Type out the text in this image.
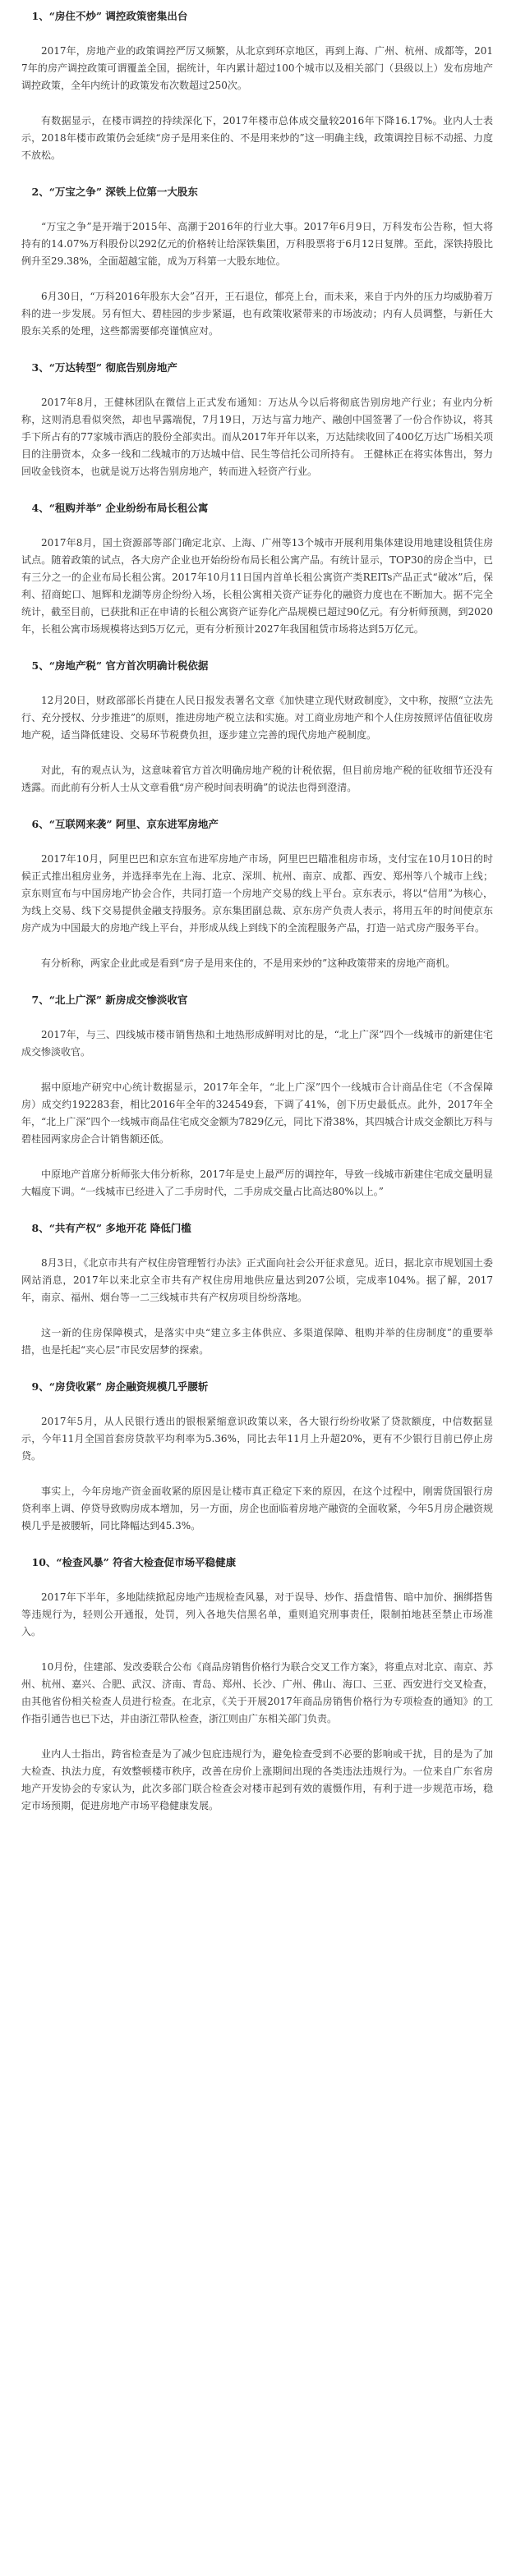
1、“房住不炒” 调控政策密集出台

2017年，房地产业的政策调控严厉又频繁，从北京到环京地区，再到上海、广州、杭州、成都等，2017年的房产调控政策可谓覆盖全国，据统计，年内累计超过100个城市以及相关部门（县级以上）发布房地产调控政策，全年内统计的政策发布次数超过250次。

有数据显示，在楼市调控的持续深化下，2017年楼市总体成交量较2016年下降16.17%。业内人士表示，2018年楼市政策仍会延续“房子是用来住的、不是用来炒的”这一明确主线，政策调控目标不动摇、力度不放松。

2、“万宝之争” 深铁上位第一大股东

“万宝之争”是开端于2015年、高潮于2016年的行业大事。2017年6月9日，万科发布公告称，恒大将持有的14.07%万科股份以292亿元的价格转让给深铁集团，万科股票将于6月12日复牌。至此，深铁持股比例升至29.38%，全面超越宝能，成为万科第一大股东地位。

6月30日，“万科2016年股东大会”召开，王石退位，郁亮上台，而未来，来自于内外的压力均威胁着万科的进一步发展。另有恒大、碧桂园的步步紧逼，也有政策收紧带来的市场波动；内有人员调整，与新任大股东关系的处理，这些都需要郁亮谨慎应对。

3、“万达转型” 彻底告别房地产

2017年8月，王健林团队在微信上正式发布通知：万达从今以后将彻底告别房地产行业；有业内分析称，这则消息看似突然，却也早露端倪，7月19日，万达与富力地产、融创中国签署了一份合作协议，将其手下所占有的77家城市酒店的股份全部卖出。而从2017年开年以来，万达陆续收回了400亿万达广场相关项目的注册资本，众多一线和二线城市的万达城中信、民生等信托公司所持有。 王健林正在将实体售出，努力回收金钱资本，也就是说万达将告别房地产，转而进入轻资产行业。

4、“租购并举” 企业纷纷布局长租公寓

2017年8月，国土资源部等部门确定北京、上海、广州等13个城市开展利用集体建设用地建设租赁住房试点。随着政策的试点，各大房产企业也开始纷纷布局长租公寓产品。有统计显示，TOP30的房企当中，已有三分之一的企业布局长租公寓。2017年10月11日国内首单长租公寓资产类REITs产品正式“破冰”后，保利、招商蛇口、旭辉和龙湖等房企纷纷入场，长租公寓相关资产证券化的融资力度也在不断加大。据不完全统计，截至目前，已获批和正在申请的长租公寓资产证券化产品规模已超过90亿元。有分析师预测，到2020年，长租公寓市场规模将达到5万亿元，更有分析预计2027年我国租赁市场将达到5万亿元。

5、“房地产税” 官方首次明确计税依据

12月20日，财政部部长肖捷在人民日报发表署名文章《加快建立现代财政制度》，文中称，按照“立法先行、充分授权、分步推进”的原则，推进房地产税立法和实施。对工商业房地产和个人住房按照评估值征收房地产税，适当降低建设、交易环节税费负担，逐步建立完善的现代房地产税制度。

对此，有的观点认为，这意味着官方首次明确房地产税的计税依据，但目前房地产税的征收细节还没有透露。而此前有分析人士从文章看俄“房产税时间表明确”的说法也得到澄清。

6、“互联网来袭” 阿里、京东进军房地产

2017年10月，阿里巴巴和京东宣布进军房地产市场，阿里巴巴瞄准租房市场，支付宝在10月10日的时候正式推出租房业务，并选择率先在上海、北京、深圳、杭州、南京、成都、西安、郑州等八个城市上线；京东则宣布与中国房地产协会合作，共同打造一个房地产交易的线上平台。京东表示，将以“信用”为核心，为线上交易、线下交易提供金融支持服务。京东集团副总裁、京东房产负责人表示，将用五年的时间使京东房产成为中国最大的房地产线上平台，并形成从线上到线下的全流程服务产品，打造一站式房产服务平台。

有分析称，两家企业此或是看到“房子是用来住的，不是用来炒的”这种政策带来的房地产商机。

7、“北上广深” 新房成交惨淡收官

2017年，与三、四线城市楼市销售热和土地热形成鲜明对比的是，“北上广深”四个一线城市的新建住宅成交惨淡收官。

据中原地产研究中心统计数据显示，2017年全年，“北上广深”四个一线城市合计商品住宅（不含保障房）成交约192283套，相比2016年全年的324549套，下调了41%，创下历史最低点。此外，2017年全年，“北上广深”四个一线城市商品住宅成交金额为7829亿元，同比下滑38%，其四城合计成交金额比万科与碧桂园两家房企合计销售额还低。

中原地产首席分析师张大伟分析称，2017年是史上最严厉的调控年，导致一线城市新建住宅成交量明显大幅度下调。“一线城市已经进入了二手房时代，二手房成交量占比高达80%以上。”

8、“共有产权” 多地开花 降低门槛

8月3日，《北京市共有产权住房管理暂行办法》正式面向社会公开征求意见。近日，据北京市规划国土委网站消息，2017年以来北京全市共有产权住房用地供应量达到207公顷，完成率104%。据了解，2017年，南京、福州、烟台等一二三线城市共有产权房项目纷纷落地。

这一新的住房保障模式，是落实中央“建立多主体供应、多渠道保障、租购并举的住房制度”的重要举措，也是托起“夹心层”市民安居梦的探索。

9、“房贷收紧” 房企融资规模几乎腰斩

2017年5月，从人民银行透出的银根紧缩意识政策以来，各大银行纷纷收紧了贷款额度，中信数据显示，今年11月全国首套房贷款平均利率为5.36%，同比去年11月上升超20%，更有不少银行目前已停止房贷。

事实上，今年房地产资金面收紧的原因是让楼市真正稳定下来的原因，在这个过程中，刚需贷国银行房贷利率上调、停贷导致购房成本增加，另一方面，房企也面临着房地产融资的全面收紧，今年5月房企融资规模几乎是被腰斩，同比降幅达到45.3%。

10、“检查风暴” 符省大检查促市场平稳健康

2017年下半年，多地陆续掀起房地产违规检查风暴，对于误导、炒作、捂盘惜售、暗中加价、捆绑搭售等违规行为，轻则公开通报，处罚，列入各地失信黑名单，重则追究刑事责任，限制拍地甚至禁止市场准入。

10月份，住建部、发改委联合公布《商品房销售价格行为联合交叉工作方案》，将重点对北京、南京、苏州、杭州、嘉兴、合肥、武汉、济南、青岛、郑州、长沙、广州、佛山、海口、三亚、西安进行交叉检查，由其他省份相关检查人员进行检查。在北京，《关于开展2017年商品房销售价格行为专项检查的通知》的工作指引通告也已下达，并由浙江带队检查，浙江则由广东相关部门负责。

业内人士指出，跨省检查是为了减少包庇违规行为，避免检查受到不必要的影响或干扰，目的是为了加大检查、执法力度，有效整顿楼市秩序，改善在房价上涨期间出现的各类违法违规行为。一位来自广东省房地产开发协会的专家认为，此次多部门联合检查会对楼市起到有效的震慑作用，有利于进一步规范市场，稳定市场预期，促进房地产市场平稳健康发展。
